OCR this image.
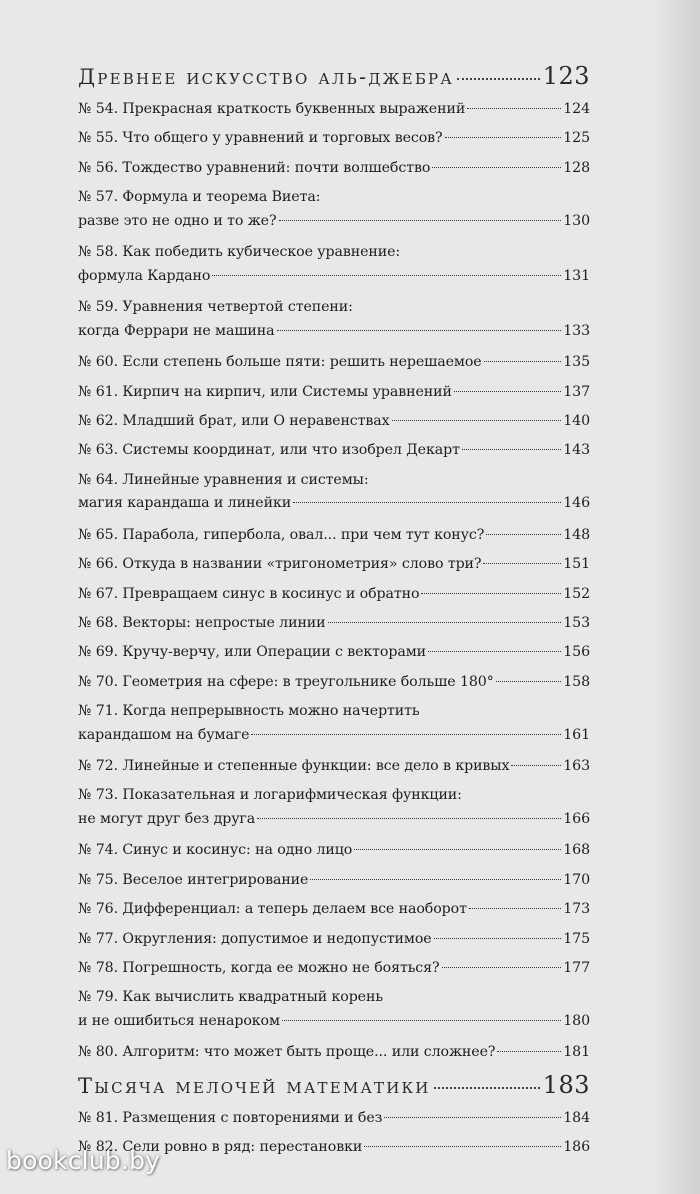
Древнее искусство аль-джебра	123
№ 54. Прекрасная краткость буквенных выражений	124
№ 55. Что общего у уравнений и торговых весов?	125
№ 56. Тождество уравнений: почти волшебство	128
№ 57. Формула и теорема Виета:
разве это не одно и то же?	130
№ 58. Как победить кубическое уравнение:
формула Кардано	131
№ 59. Уравнения четвертой степени:
когда Феррари не машина	133
№ 60. Если степень больше пяти: решить нерешаемое	135
№ 61. Кирпич на кирпич, или Системы уравнений	137
№ 62. Младший брат, или О неравенствах	140
№ 63. Системы координат, или что изобрел Декарт	143
№ 64. Линейные уравнения и системы:
магия карандаша и линейки	146
№ 65. Парабола, гипербола, овал... при чем тут конус?	148
№ 66. Откуда в названии «тригонометрия» слово три?	151
№ 67. Превращаем синус в косинус и обратно	152
№ 68. Векторы: непростые линии	153
№ 69. Кручу-верчу, или Операции с векторами	156
№ 70. Геометрия на сфере: в треугольнике больше 180°	158
№ 71. Когда непрерывность можно начертить
карандашом на бумаге	161
№ 72. Линейные и степенные функции: все дело в кривых	163
№ 73. Показательная и логарифмическая функции:
не могут друг без друга	166
№ 74. Синус и косинус: на одно лицо	168
№ 75. Веселое интегрирование	170
№ 76. Дифференциал: а теперь делаем все наоборот	173
№ 77. Округления: допустимое и недопустимое	175
№ 78. Погрешность, когда ее можно не бояться?	177
№ 79. Как вычислить квадратный корень
и не ошибиться ненароком	180
№ 80. Алгоритм: что может быть проще... или сложнее?	181
Тысяча мелочей математики	183
№ 81. Размещения с повторениями и без	184
№ 82. Сели ровно в ряд: перестановки	186
bookclub.by
